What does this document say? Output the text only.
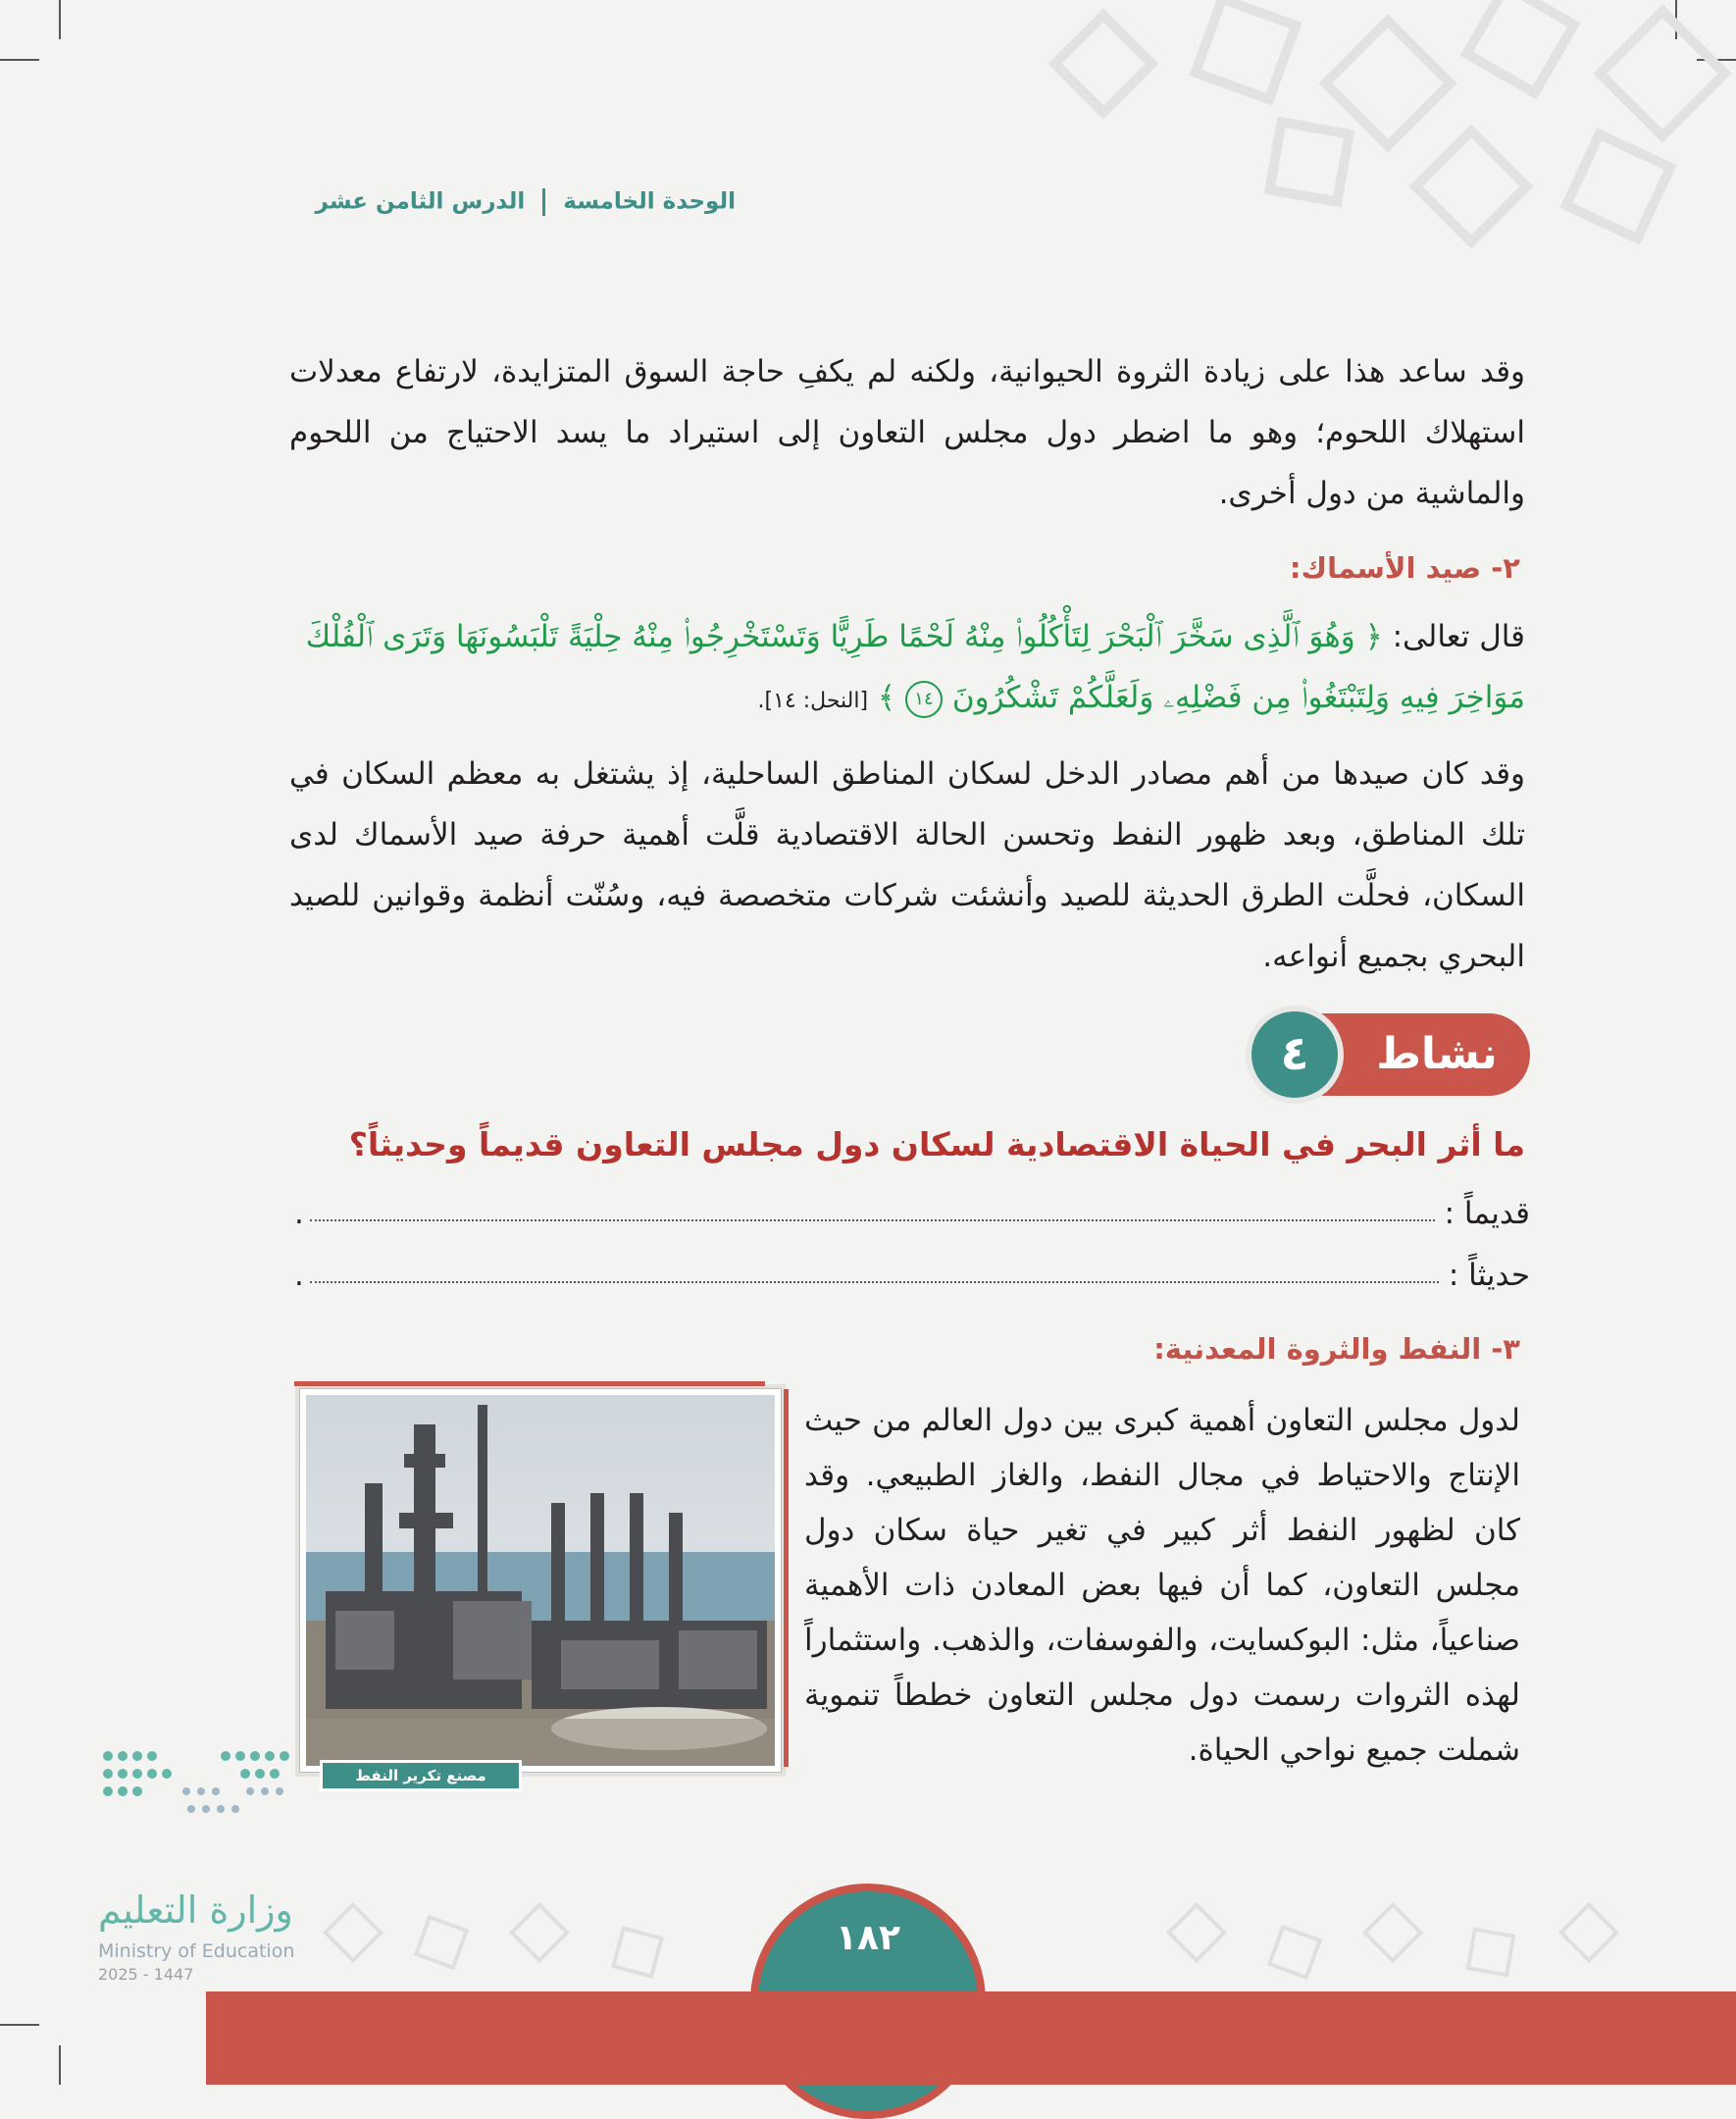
الوحدة الخامسة  الدرس الثامن عشر
وقد ساعد هذا على زيادة الثروة الحيوانية، ولكنه لم يكفِ حاجة السوق المتزايدة، لارتفاع معدلات استهلاك اللحوم؛ وهو ما اضطر دول مجلس التعاون إلى استيراد ما يسد الاحتياج من اللحوم والماشية من دول أخرى.
٢- صيد الأسماك:
قال تعالى: ﴿ وَهُوَ ٱلَّذِى سَخَّرَ ٱلْبَحْرَ لِتَأْكُلُوا۟ مِنْهُ لَحْمًا طَرِيًّا وَتَسْتَخْرِجُوا۟ مِنْهُ حِلْيَةً تَلْبَسُونَهَا وَتَرَى ٱلْفُلْكَ مَوَاخِرَ فِيهِ وَلِتَبْتَغُوا۟ مِن فَضْلِهِۦ وَلَعَلَّكُمْ تَشْكُرُونَ ١٤ ﴾ [النحل: ١٤].
وقد كان صيدها من أهم مصادر الدخل لسكان المناطق الساحلية، إذ يشتغل به معظم السكان في تلك المناطق، وبعد ظهور النفط وتحسن الحالة الاقتصادية قلَّت أهمية حرفة صيد الأسماك لدى السكان، فحلَّت الطرق الحديثة للصيد وأنشئت شركات متخصصة فيه، وسُنّت أنظمة وقوانين للصيد البحري بجميع أنواعه.
نشاط
٤
ما أثر البحر في الحياة الاقتصادية لسكان دول مجلس التعاون قديماً وحديثاً؟
قديماً :
.
حديثاً :
.
٣- النفط والثروة المعدنية:
مصنع تكرير النفط
لدول مجلس التعاون أهمية كبرى بين دول العالم من حيث الإنتاج والاحتياط في مجال النفط، والغاز الطبيعي. وقد كان لظهور النفط أثر كبير في تغير حياة سكان دول مجلس التعاون، كما أن فيها بعض المعادن ذات الأهمية صناعياً، مثل: البوكسايت، والفوسفات، والذهب. واستثماراً لهذه الثروات رسمت دول مجلس التعاون خططاً تنموية شملت جميع نواحي الحياة.
١٨٢
وزارة التعليم
Ministry of Education
2025 - 1447
